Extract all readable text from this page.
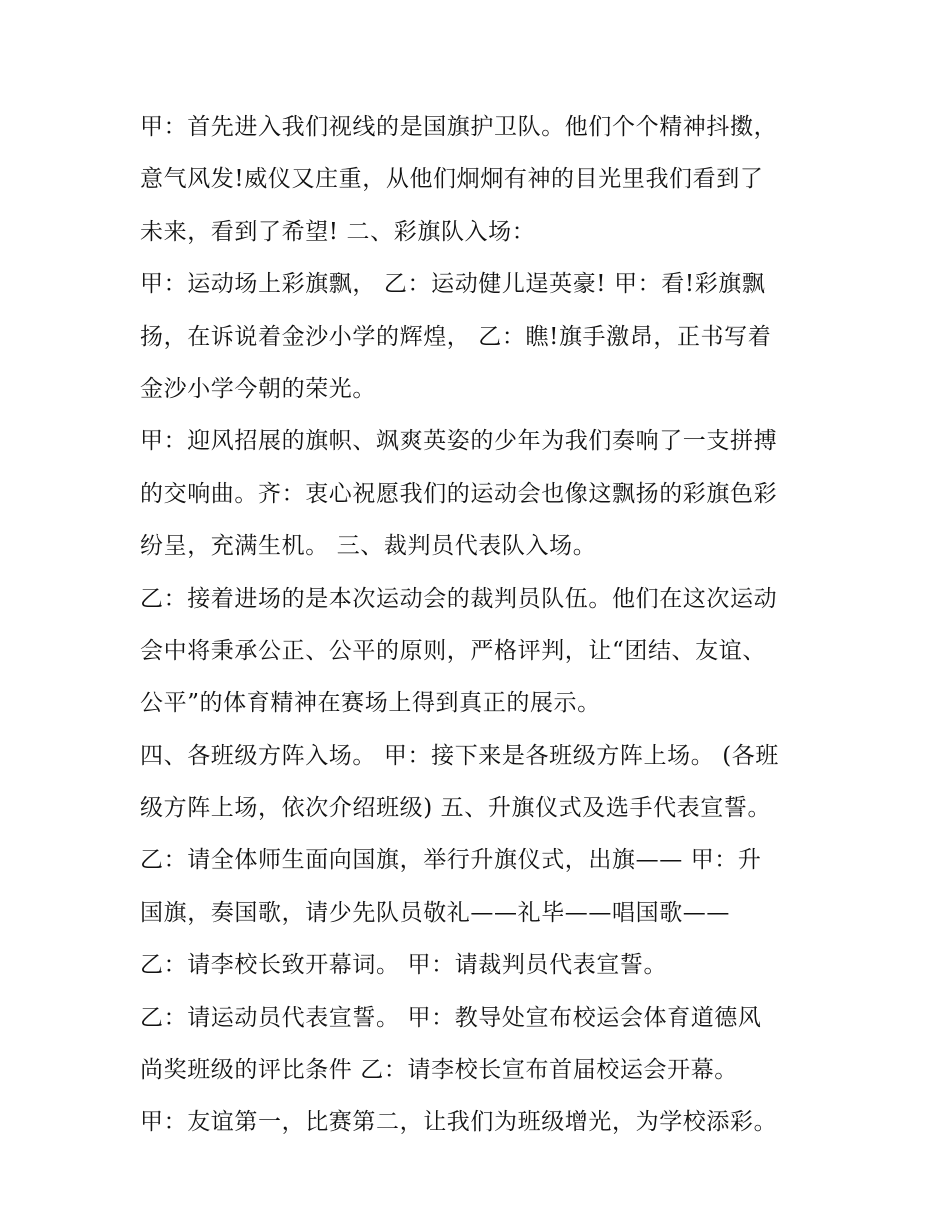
甲：首先进入我们视线的是国旗护卫队。他们个个精神抖擞，
意气风发!威仪又庄重，从他们炯炯有神的目光里我们看到了
未来，看到了希望! 二、彩旗队入场：
甲：运动场上彩旗飘， 乙：运动健儿逞英豪! 甲：看!彩旗飘
扬，在诉说着金沙小学的辉煌， 乙：瞧!旗手激昂，正书写着
金沙小学今朝的荣光。
甲：迎风招展的旗帜、飒爽英姿的少年为我们奏响了一支拼搏
的交响曲。齐：衷心祝愿我们的运动会也像这飘扬的彩旗色彩
纷呈，充满生机。 三、裁判员代表队入场。
乙：接着进场的是本次运动会的裁判员队伍。他们在这次运动
会中将秉承公正、公平的原则，严格评判，让“团结、友谊、
公平”的体育精神在赛场上得到真正的展示。
四、各班级方阵入场。 甲：接下来是各班级方阵上场。 (各班
级方阵上场，依次介绍班级) 五、升旗仪式及选手代表宣誓。
乙：请全体师生面向国旗，举行升旗仪式，出旗—— 甲：升
国旗，奏国歌，请少先队员敬礼——礼毕——唱国歌——
乙：请李校长致开幕词。 甲：请裁判员代表宣誓。
乙：请运动员代表宣誓。 甲：教导处宣布校运会体育道德风
尚奖班级的评比条件 乙：请李校长宣布首届校运会开幕。
甲：友谊第一，比赛第二，让我们为班级增光，为学校添彩。
